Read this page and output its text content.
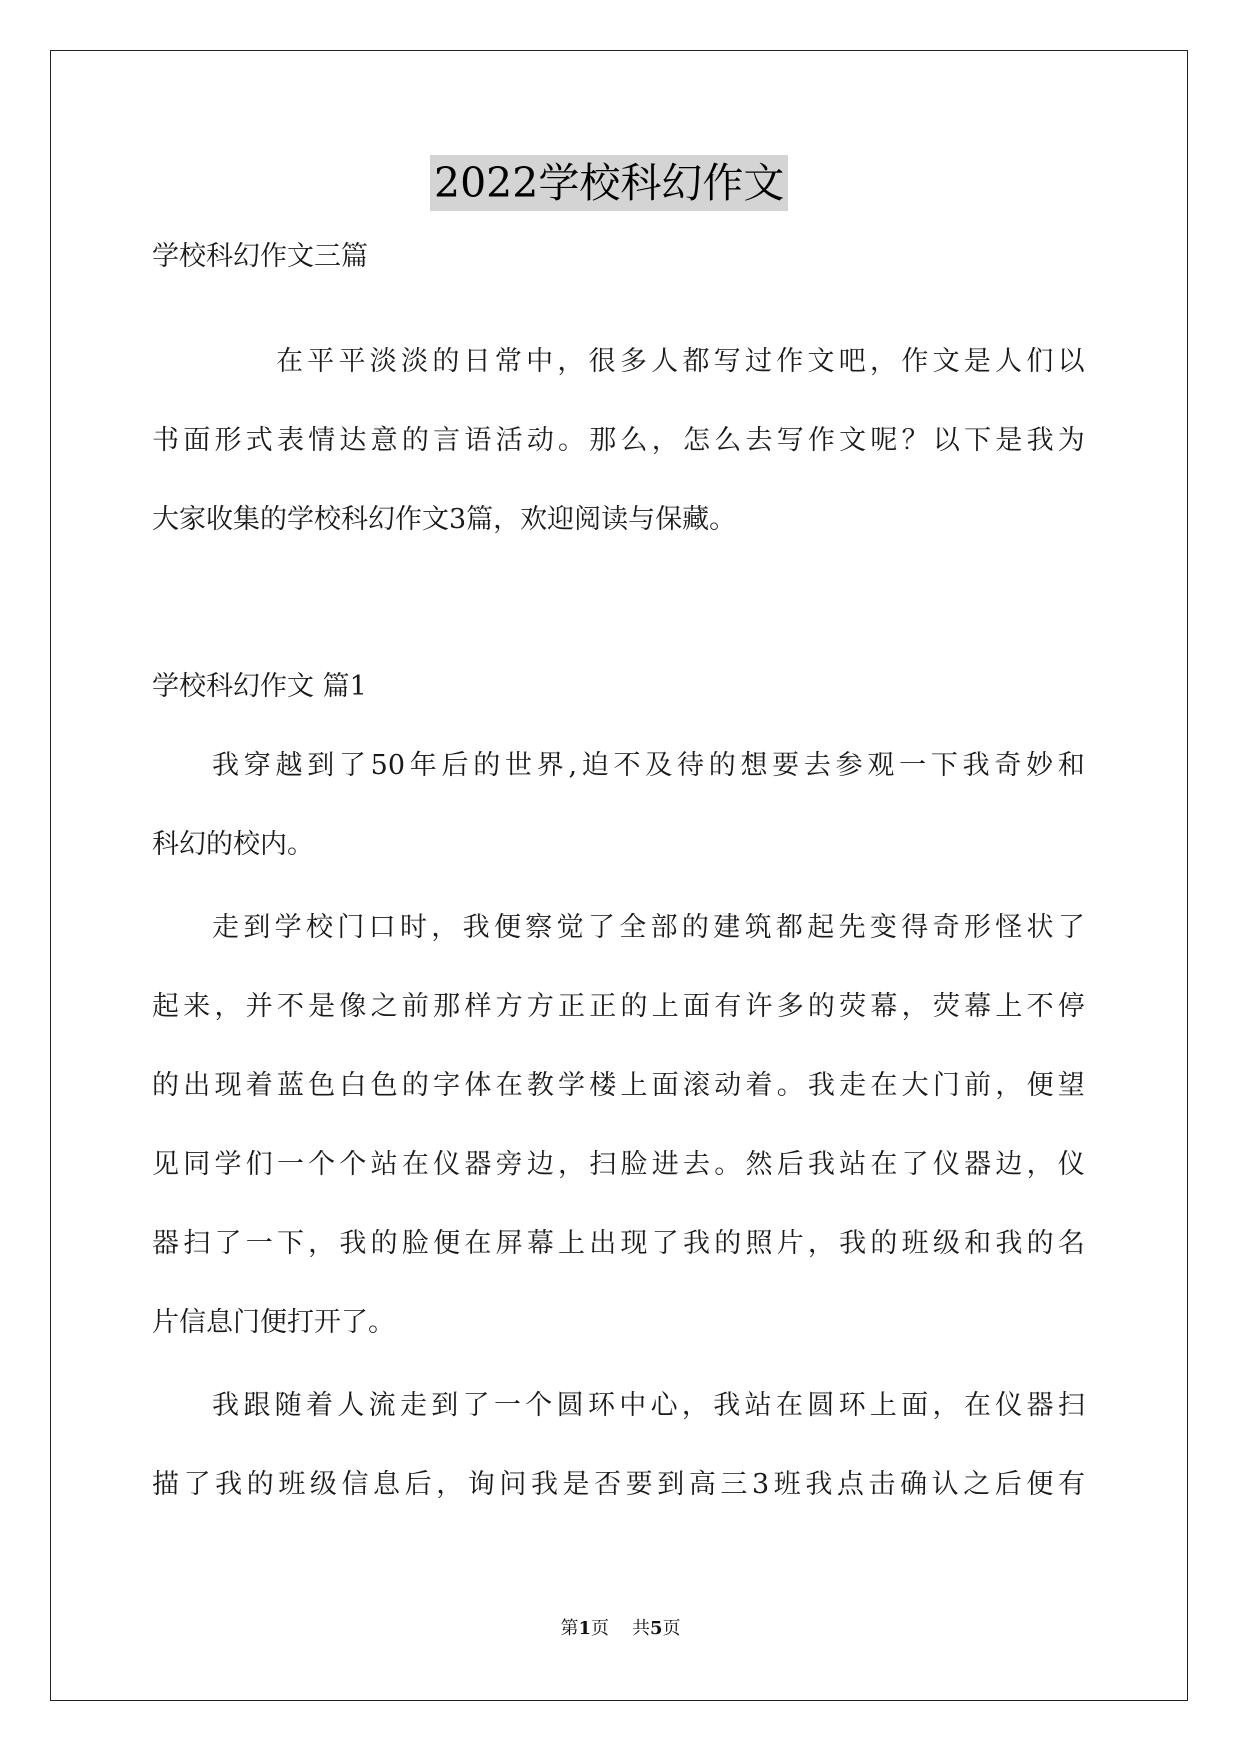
2022学校科幻作文
学校科幻作文三篇
在 平 平 淡 淡 的 日 常 中 ， 很 多 人 都 写 过 作 文 吧 ， 作 文 是 人 们 以
书 面 形 式 表 情 达 意 的 言 语 活 动 。 那 么 ， 怎 么 去 写 作 文 呢 ？ 以 下 是 我 为
大家收集的学校科幻作文3篇，欢迎阅读与保藏。
学校科幻作文 篇1
我 穿 越 到 了 50 年 后 的 世 界 , 迫 不 及 待 的 想 要 去 参 观 一 下 我 奇 妙 和
科幻的校内。
走 到 学 校 门 口 时 ， 我 便 察 觉 了 全 部 的 建 筑 都 起 先 变 得 奇 形 怪 状 了
起 来 ， 并 不 是 像 之 前 那 样 方 方 正 正 的 上 面 有 许 多 的 荧 幕 ， 荧 幕 上 不 停
的 出 现 着 蓝 色 白 色 的 字 体 在 教 学 楼 上 面 滚 动 着 。 我 走 在 大 门 前 ， 便 望
见 同 学 们 一 个 个 站 在 仪 器 旁 边 ， 扫 脸 进 去 。 然 后 我 站 在 了 仪 器 边 ， 仪
器 扫 了 一 下 ， 我 的 脸 便 在 屏 幕 上 出 现 了 我 的 照 片 ， 我 的 班 级 和 我 的 名
片信息门便打开了。
我 跟 随 着 人 流 走 到 了 一 个 圆 环 中 心 ， 我 站 在 圆 环 上 面 ， 在 仪 器 扫
描 了 我 的 班 级 信 息 后 ， 询 问 我 是 否 要 到 高 三 3 班 我 点 击 确 认 之 后 便 有
第1页 共5页
